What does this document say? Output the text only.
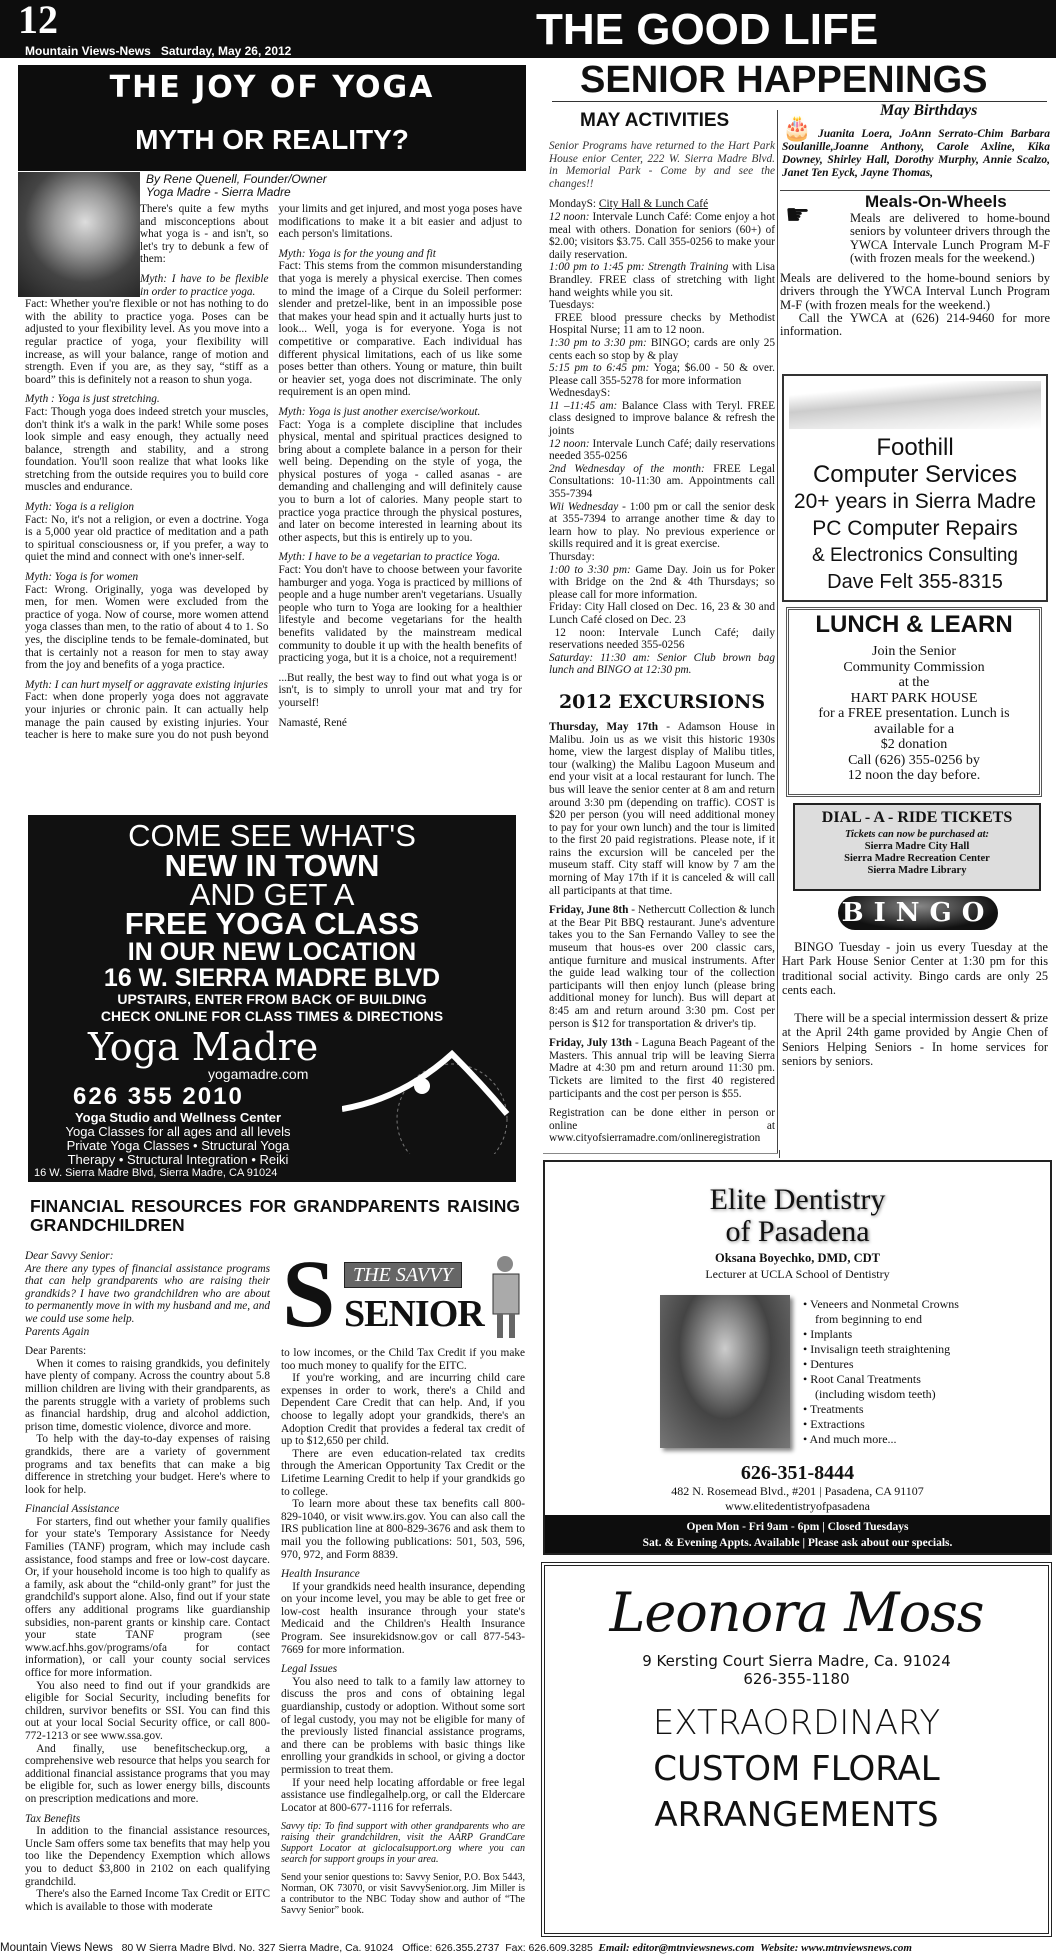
12
Mountain Views-News Saturday, May 26, 2012	THE GOOD LIFE
SENIOR HAPPENINGS
THE JOY OF YOGA
MYTH OR REALITY?
By Rene Quenell, Founder/Owner
Yoga Madre - Sierra Madre

There's quite a few myths and misconceptions about what yoga is - and isn't, so let's try to debunk a few of them:

Myth: I have to be flexible in order to practice yoga.
Fact: Whether you're flexible or not has nothing to do with the ability to practice yoga. Poses can be adjusted to your flexibility level. As you move into a regular practice of yoga, your flexibility will increase, as will your balance, range of motion and strength. Even if you are, as they say, “stiff as a board” this is definitely not a reason to shun yoga.

Myth : Yoga is just stretching.
Fact: Though yoga does indeed stretch your muscles, don't think it's a walk in the park! While some poses look simple and easy enough, they actually need balance, strength and stability, and a strong foundation. You'll soon realize that what looks like stretching from the outside requires you to build core muscles and endurance.

Myth: Yoga is a religion
Fact: No, it's not a religion, or even a doctrine. Yoga is a 5,000 year old practice of meditation and a path to spiritual consciousness or, if you prefer, a way to quiet the mind and connect with one's inner-self.

Myth: Yoga is for women
Fact: Wrong. Originally, yoga was developed by men, for men. Women were excluded from the practice of yoga. Now of course, more women attend yoga classes than men, to the ratio of about 4 to 1. So yes, the discipline tends to be female-dominated, but that is certainly not a reason for men to stay away from the joy and benefits of a yoga practice.

Myth: I can hurt myself or aggravate existing injuries
Fact: when done properly yoga does not aggravate your injuries or chronic pain. It can actually help manage the pain caused by existing injuries. Your teacher is here to make sure you do not push beyond your limits and get injured, and most yoga poses have modifications to make it a bit easier and adjust to each person's limitations.

Myth: Yoga is for the young and fit
Fact: This stems from the common misunderstanding that yoga is merely a physical exercise. Then comes to mind the image of a Cirque du Soleil performer: slender and pretzel-like, bent in an impossible pose that makes your head spin and it actually hurts just to look... Well, yoga is for everyone. Yoga is not competitive or comparative. Each individual has different physical limitations, each of us like some poses better than others. Young or mature, thin built or heavier set, yoga does not discriminate. The only requirement is an open mind.

Myth: Yoga is just another exercise/workout.
Fact: Yoga is a complete discipline that includes physical, mental and spiritual practices designed to bring about a complete balance in a person for their well being. Depending on the style of yoga, the physical postures of yoga - called asanas - are demanding and challenging and will definitely cause you to burn a lot of calories. Many people start to practice yoga practice through the physical postures, and later on become interested in learning about its other aspects, but this is entirely up to you.

Myth: I have to be a vegetarian to practice Yoga.
Fact: You don't have to choose between your favorite hamburger and yoga. Yoga is practiced by millions of people and a huge number aren't vegetarians. Usually people who turn to Yoga are looking for a healthier lifestyle and become vegetarians for the health benefits validated by the mainstream medical community to double it up with the health benefits of practicing yoga, but it is a choice, not a requirement!

...But really, the best way to find out what yoga is or isn't, is to simply to unroll your mat and try for yourself!

Namasté, René

COME SEE WHAT'S
NEW IN TOWN
AND GET A
FREE YOGA CLASS
IN OUR NEW LOCATION
16 W. SIERRA MADRE BLVD
UPSTAIRS, ENTER FROM BACK OF BUILDING
CHECK ONLINE FOR CLASS TIMES & DIRECTIONS
Yoga Madre
yogamadre.com
626 355 2010
Yoga Studio and Wellness Center
Yoga Classes for all ages and all levels
Private Yoga Classes • Structural Yoga
Therapy • Structural Integration • Reiki
16 W. Sierra Madre Blvd, Sierra Madre, CA 91024
FINANCIAL RESOURCES FOR GRANDPARENTS RAISING GRANDCHILDREN

Dear Savvy Senior:
Are there any types of financial assistance programs that can help grandparents who are raising their grandkids? I have two grandchildren who are about to permanently move in with my husband and me, and we could use some help.

Parents Again

Dear Parents:

 When it comes to raising grandkids, you definitely have plenty of company. Across the country about 5.8 million children are living with their grandparents, as the parents struggle with a variety of problems such as financial hardship, drug and alcohol addiction, prison time, domestic violence, divorce and more.

 To help with the day-to-day expenses of raising grandkids, there are a variety of government programs and tax benefits that can make a big difference in stretching your budget. Here's where to look for help.

Financial Assistance
 For starters, find out whether your family qualifies for your state's Temporary Assistance for Needy Families (TANF) program, which may include cash assistance, food stamps and free or low-cost daycare. Or, if your household income is too high to qualify as a family, ask about the “child-only grant” for just the grandchild's support alone. Also, find out if your state offers any additional programs like guardianship subsidies, non-parent grants or kinship care. Contact your state TANF program (see www.acf.hhs.gov/programs/ofa for contact information), or call your county social services office for more information.

 You also need to find out if your grandkids are eligible for Social Security, including benefits for children, survivor benefits or SSI. You can find this out at your local Social Security office, or call 800-772-1213 or see www.ssa.gov.

 And finally, use benefitscheckup.org, a comprehensive web resource that helps you search for additional financial assistance programs that you may be eligible for, such as lower energy bills, discounts on prescription medications and more.

Tax Benefits
 In addition to the financial assistance resources, Uncle Sam offers some tax benefits that may help you too like the Dependency Exemption which allows you to deduct $3,800 in 2102 on each qualifying grandchild.

 There's also the Earned Income Tax Credit or EITC which is available to those with moderate

S THE SAVVY
SENIOR

to low incomes, or the Child Tax Credit if you make too much money to qualify for the EITC.

 If you're working, and are incurring child care expenses in order to work, there's a Child and Dependent Care Credit that can help. And, if you choose to legally adopt your grandkids, there's an Adoption Credit that provides a federal tax credit of up to $12,650 per child.

 There are even education-related tax credits through the American Opportunity Tax Credit or the Lifetime Learning Credit to help if your grandkids go to college.

 To learn more about these tax benefits call 800-829-1040, or visit www.irs.gov. You can also call the IRS publication line at 800-829-3676 and ask them to mail you the following publications: 501, 503, 596, 970, 972, and Form 8839.

Health Insurance
 If your grandkids need health insurance, depending on your income level, you may be able to get free or low-cost health insurance through your state's Medicaid and the Children's Health Insurance Program. See insurekidsnow.gov or call 877-543-7669 for more information.

Legal Issues
 You also need to talk to a family law attorney to discuss the pros and cons of obtaining legal guardianship, custody or adoption. Without some sort of legal custody, you may not be eligible for many of the previously listed financial assistance programs, and there can be problems with basic things like enrolling your grandkids in school, or giving a doctor permission to treat them.

 If your need help locating affordable or free legal assistance use findlegalhelp.org, or call the Eldercare Locator at 800-677-1116 for referrals.

Savvy tip: To find support with other grandparents who are raising their grandchildren, visit the AARP GrandCare Support Locator at giclocalsupport.org where you can search for support groups in your area.

Send your senior questions to: Savvy Senior, P.O. Box 5443, Norman, OK 73070, or visit SavvySenior.org. Jim Miller is a contributor to the NBC Today show and author of “The Savvy Senior” book.

MAY ACTIVITIES

Senior Programs have returned to the Hart Park House enior Center, 222 W. Sierra Madre Blvd. in Memorial Park - Come by and see the changes!!

MondayS: City Hall & Lunch Café

12 noon: Intervale Lunch Café: Come enjoy a hot meal with others. Donation for seniors (60+) of $2.00; visitors $3.75. Call 355-0256 to make your daily reservation.

1:00 pm to 1:45 pm: Strength Training with Lisa Brandley. FREE class of stretching with light hand weights while you sit.

Tuesdays:

 FREE blood pressure checks by Methodist Hospital Nurse; 11 am to 12 noon.

1:30 pm to 3:30 pm: BINGO; cards are only 25 cents each so stop by & play

5:15 pm to 6:45 pm: Yoga; $6.00 - 50 & over. Please call 355-5278 for more information

WednesdayS:

11 –11:45 am: Balance Class with Teryl. FREE class designed to improve balance & refresh the joints

12 noon: Intervale Lunch Café; daily reservations needed 355-0256

2nd Wednesday of the month: FREE Legal Consultations: 10-11:30 am. Appointments call 355-7394

Wii Wednesday - 1:00 pm or call the senior desk at 355-7394 to arrange another time & day to learn how to play. No previous experience or skills required and it is great exercise.

Thursday:

1:00 to 3:30 pm: Game Day. Join us for Poker with Bridge on the 2nd & 4th Thursdays; so please call for more information.

Friday: City Hall closed on Dec. 16, 23 & 30 and Lunch Café closed on Dec. 23

 12 noon: Intervale Lunch Café; daily reservations needed 355-0256

Saturday: 11:30 am: Senior Club brown bag lunch and BINGO at 12:30 pm.

2012 EXCURSIONS

Thursday, May 17th - Adamson House in Malibu. Join us as we visit this historic 1930s home, view the largest display of Malibu titles, tour (walking) the Malibu Lagoon Museum and end your visit at a local restaurant for lunch. The bus will leave the senior center at 8 am and return around 3:30 pm (depending on traffic). COST is $20 per person (you will need additional money to pay for your own lunch) and the tour is limited to the first 20 paid registrations. Please note, if it rains the excursion will be canceled per the museum staff. City staff will know by 7 am the morning of May 17th if it is canceled & will call all participants at that time.

Friday, June 8th - Nethercutt Collection & lunch at the Bear Pit BBQ restaurant. June's adventure takes you to the San Fernando Valley to see the museum that hous-es over 200 classic cars, antique furniture and musical instruments. After the guide lead walking tour of the collection participants will then enjoy lunch (please bring additional money for lunch). Bus will depart at 8:45 am and return around 3:30 pm. Cost per person is $12 for transportation & driver's tip.

Friday, July 13th - Laguna Beach Pageant of the Masters. This annual trip will be leaving Sierra Madre at 4:30 pm and return around 11:30 pm. Tickets are limited to the first 40 registered participants and the cost per person is $55.

Registration can be done either in person or online at www.cityofsierramadre.com/onlineregistration

May Birthdays
🎂 Juanita Loera, JoAnn Serrato-Chim Barbara Soulanille,Joanne Anthony, Carole Axline, Kika Downey, Shirley Hall, Dorothy Murphy, Annie Scalzo, Janet Ten Eyck, Jayne Thomas,
☛	Meals-On-Wheels

Meals are delivered to home-bound seniors by volunteer drivers through the YWCA Intervale Lunch Program M-F (with frozen meals for the weekend.)

Meals are delivered to the home-bound seniors by drivers through the YWCA Interval Lunch Program M-F (with frozen meals for the weekend.)

  Call the YWCA at (626) 214-9460 for more information.

Foothill
Computer Services
20+ years in Sierra Madre
PC Computer Repairs
& Electronics Consulting
Dave Felt 355-8315
LUNCH & LEARN
Join the Senior
Community Commission
at the
HART PARK HOUSE
for a FREE presentation. Lunch is
available for a
$2 donation
Call (626) 355-0256 by
12 noon the day before.
DIAL - A - RIDE TICKETS
Tickets can now be purchased at:
Sierra Madre City Hall
Sierra Madre Recreation Center
Sierra Madre Library
BINGO

 BINGO Tuesday - join us every Tuesday at the Hart Park House Senior Center at 1:30 pm for this traditional social activity. Bingo cards are only 25 cents each.

 There will be a special intermission dessert & prize at the April 24th game provided by Angie Chen of Seniors Helping Seniors - In home services for seniors by seniors.

Elite Dentistry
of Pasadena
Oksana Boyechko, DMD, CDT
Lecturer at UCLA School of Dentistry
• Veneers and Nonmetal Crowns
 from beginning to end
• Implants
• Invisalign teeth straightening
• Dentures
• Root Canal Treatments
 (including wisdom teeth)
• Treatments
• Extractions
• And much more...
626-351-8444
482 N. Rosemead Blvd., #201 | Pasadena, CA 91107
www.elitedentistryofpasadena
Open Mon - Fri 9am - 6pm | Closed Tuesdays
Sat. & Evening Appts. Available | Please ask about our specials.
Leonora Moss
9 Kersting Court Sierra Madre, Ca. 91024
626-355-1180
EXTRAORDINARY
CUSTOM FLORAL
ARRANGEMENTS
Mountain Views News 80 W Sierra Madre Blvd. No. 327 Sierra Madre, Ca. 91024 Office: 626.355.2737 Fax: 626.609.3285 Email: editor@mtnviewsnews.com Website: www.mtnviewsnews.com
